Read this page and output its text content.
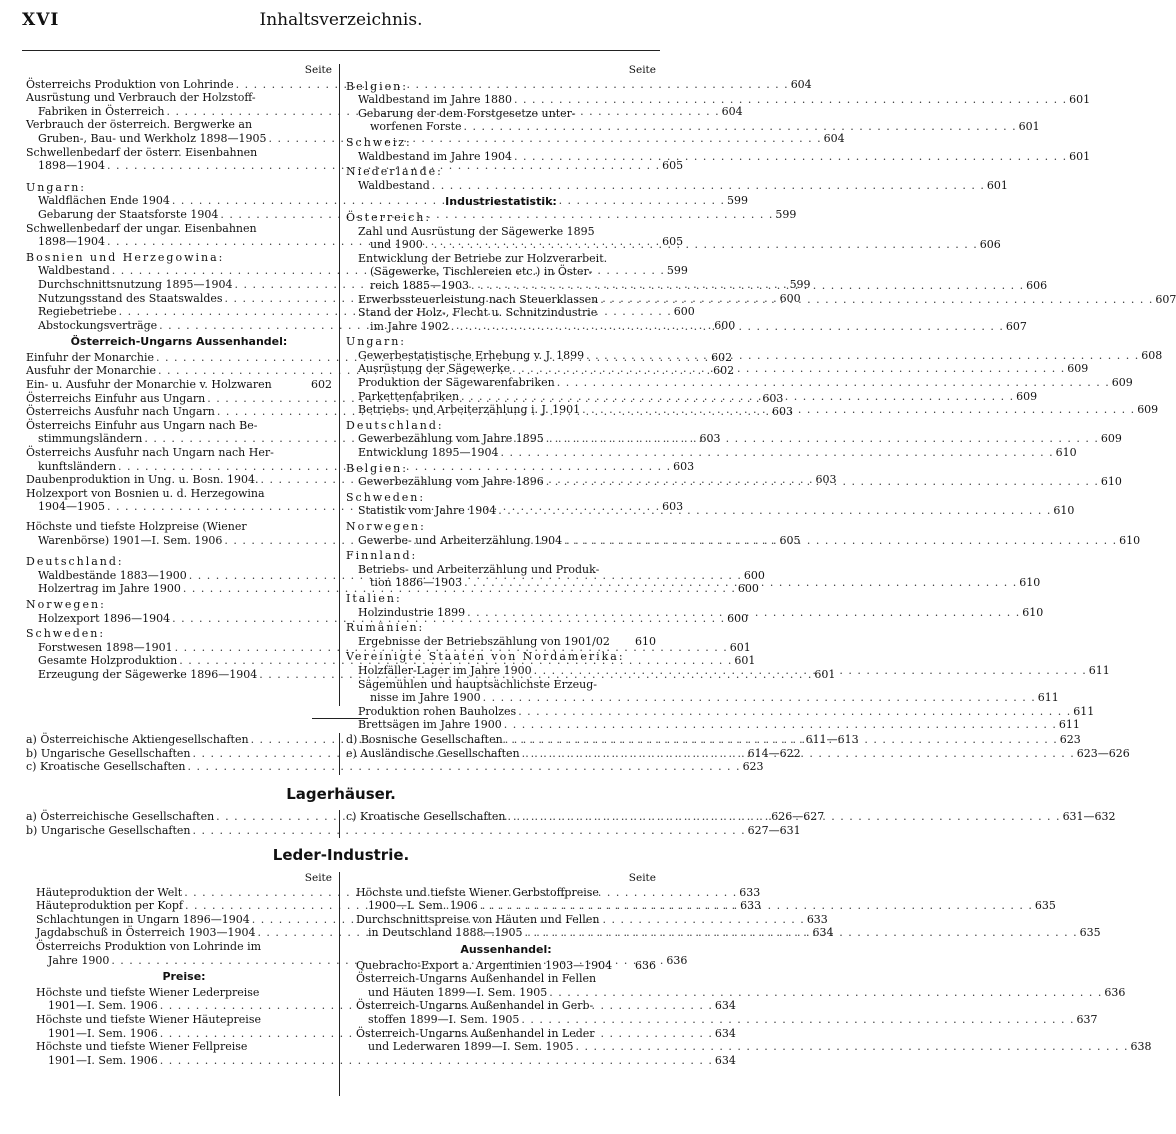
XVI	Inhaltsverzeichnis.
Seite
Österreichs Produktion von Lohrinde . . .	604
Ausrüstung und Verbrauch der Holzstoff-
Fabriken in Österreich . . .	604
Verbrauch der österreich. Bergwerke an
Gruben-, Bau- und Werkholz 1898—1905 . . .	604
Schwellenbedarf der österr. Eisenbahnen
1898—1904 . . .	605
Ungarn:
Waldflächen Ende 1904 . . .	599
Gebarung der Staatsforste 1904 . . .	599
Schwellenbedarf der ungar. Eisenbahnen
1898—1904 . . .	605
Bosnien und Herzegowina:
Waldbestand . . .	599
Durchschnittsnutzung 1895—1904 . . .	599
Nutzungsstand des Staatswaldes . . .	600
Regiebetriebe . . .	600
Abstockungsverträge . . .	600
Österreich-Ungarns Aussenhandel:
Einfuhr der Monarchie . . .	602
Ausfuhr der Monarchie . . .	602
Ein- u. Ausfuhr der Monarchie v. Holzwaren	602
Österreichs Einfuhr aus Ungarn . . .	603
Österreichs Ausfuhr nach Ungarn . . .	603
Österreichs Einfuhr aus Ungarn nach Be-
stimmungsländern . . .	603
Österreichs Ausfuhr nach Ungarn nach Her-
kunftsländern . . .	603
Daubenproduktion in Ung. u. Bosn. 1904. . . .	603
Holzexport von Bosnien u. d. Herzegowina
1904—1905 . . .	603
Höchste und tiefste Holzpreise (Wiener
Warenbörse) 1901—I. Sem. 1906 . . .	605
Deutschland:
Waldbestände 1883—1900 . . .	600
Holzertrag im Jahre 1900 . . .	600
Norwegen:
Holzexport 1896—1904 . . .	600
Schweden:
Forstwesen 1898—1901 . . .	601
Gesamte Holzproduktion . . .	601
Erzeugung der Sägewerke 1896—1904 . . .	601
Seite
Belgien:
Waldbestand im Jahre 1880 . . .	601
Gebarung der dem Forstgesetze unter-
worfenen Forste . . .	601
Schweiz:
Waldbestand im Jahre 1904 . . .	601
Niederlande:
Waldbestand . . .	601
Industriestatistik:
Österreich:
Zahl und Ausrüstung der Sägewerke 1895
und 1900 . . .	606
Entwicklung der Betriebe zur Holzverarbeit.
(Sägewerke, Tischlereien etc.) in Öster-
reich 1885—1903 . . .	606
Erwerbssteuerleistung nach Steuerklassen . . .	607
Stand der Holz-, Flecht u. Schnitzindustrie
im Jahre 1902 . . .	607
Ungarn:
Gewerbestatistische Erhebung v. J. 1899 . . .	608
Ausrüstung der Sägewerke . . .	609
Produktion der Sägewarenfabriken . . .	609
Parkettenfabriken . . .	609
Betriebs- und Arbeiterzählung i. J. 1901 . . .	609
Deutschland:
Gewerbezählung vom Jahre 1895 . . .	609
Entwicklung 1895—1904 . . .	610
Belgien:
Gewerbezählung vom Jahre 1896 . . .	610
Schweden:
Statistik vom Jahre 1904 . . .	610
Norwegen:
Gewerbe- und Arbeiterzählung 1904 . . .	610
Finnland:
Betriebs- und Arbeiterzählung und Produk-
tion 1886—1903 . . .	610
Italien:
Holzindustrie 1899 . . .	610
Rumänien:
Ergebnisse der Betriebszählung von 1901/02 610
Vereinigte Staaten von Nordamerika:
Holzfäller-Lager im Jahre 1900 . . .	611
Sägemühlen und hauptsächlichste Erzeug-
nisse im Jahre 1900 . . .	611
Produktion rohen Bauholzes . . .	611
Brettsägen im Jahre 1900 . . .	611
a) Österreichische Aktiengesellschaften . . .	611—613
b) Ungarische Gesellschaften . . .	614—622
c) Kroatische Gesellschaften . . .	623
d) Bosnische Gesellschaften . . .	623
e) Ausländische Gesellschaften . . .	623—626
Lagerhäuser.
a) Österreichische Gesellschaften . . .	626—627
b) Ungarische Gesellschaften . . .	627—631
c) Kroatische Gesellschaften . . .	631—632
Leder-Industrie.
Seite
Häuteproduktion der Welt . . .	633
Häuteproduktion per Kopf . . .	633
Schlachtungen in Ungarn 1896—1904 . . .	633
Jagdabschuß in Österreich 1903—1904 . . .	634
Österreichs Produktion von Lohrinde im
Jahre 1900 . . .	636
Preise:
Höchste und tiefste Wiener Lederpreise
1901—I. Sem. 1906 . . .	634
Höchste und tiefste Wiener Häutepreise
1901—I. Sem. 1906 . . .	634
Höchste und tiefste Wiener Fellpreise
1901—I. Sem. 1906 . . .	634
Seite
Höchste und tiefste Wiener Gerbstoffpreise
1900—I. Sem. 1906 . . .	635
Durchschnittspreise von Häuten und Fellen
in Deutschland 1888—1905 . . .	635
Aussenhandel:
Quebracho-Export a. Argentinien 1903—1904 636
Österreich-Ungarns Außenhandel in Fellen
und Häuten 1899—I. Sem. 1905 . . .	636
Österreich-Ungarns Außenhandel in Gerb-
stoffen 1899—I. Sem. 1905 . . .	637
Österreich-Ungarns Außenhandel in Leder
und Lederwaren 1899—I. Sem. 1905 . . .	638
